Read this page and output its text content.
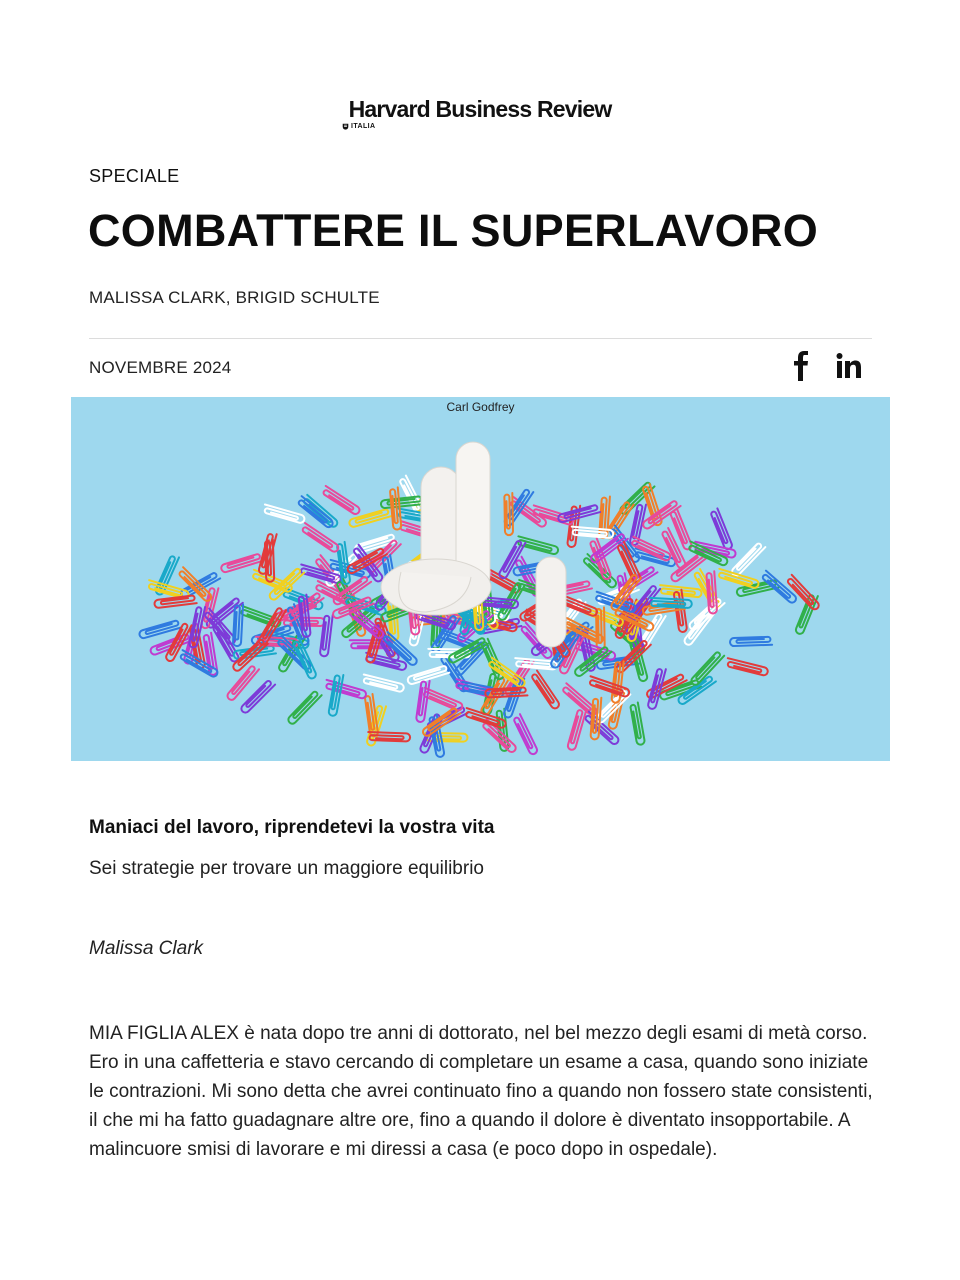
Harvard Business Review
ITALIA
SPECIALE
COMBATTERE IL SUPERLAVORO
MALISSA CLARK, BRIGID SCHULTE
NOVEMBRE 2024
Carl Godfrey
Maniaci del lavoro, riprendetevi la vostra vita
Sei strategie per trovare un maggiore equilibrio
Malissa Clark

MIA FIGLIA ALEX è nata dopo tre anni di dottorato, nel bel mezzo degli esami di metà corso. Ero in una caffetteria e stavo cercando di completare un esame a casa, quando sono iniziate le contrazioni. Mi sono detta che avrei continuato fino a quando non fossero state consistenti, il che mi ha fatto guadagnare altre ore, fino a quando il dolore è diventato insopportabile. A malincuore smisi di lavorare e mi diressi a casa (e poco dopo in ospedale).
